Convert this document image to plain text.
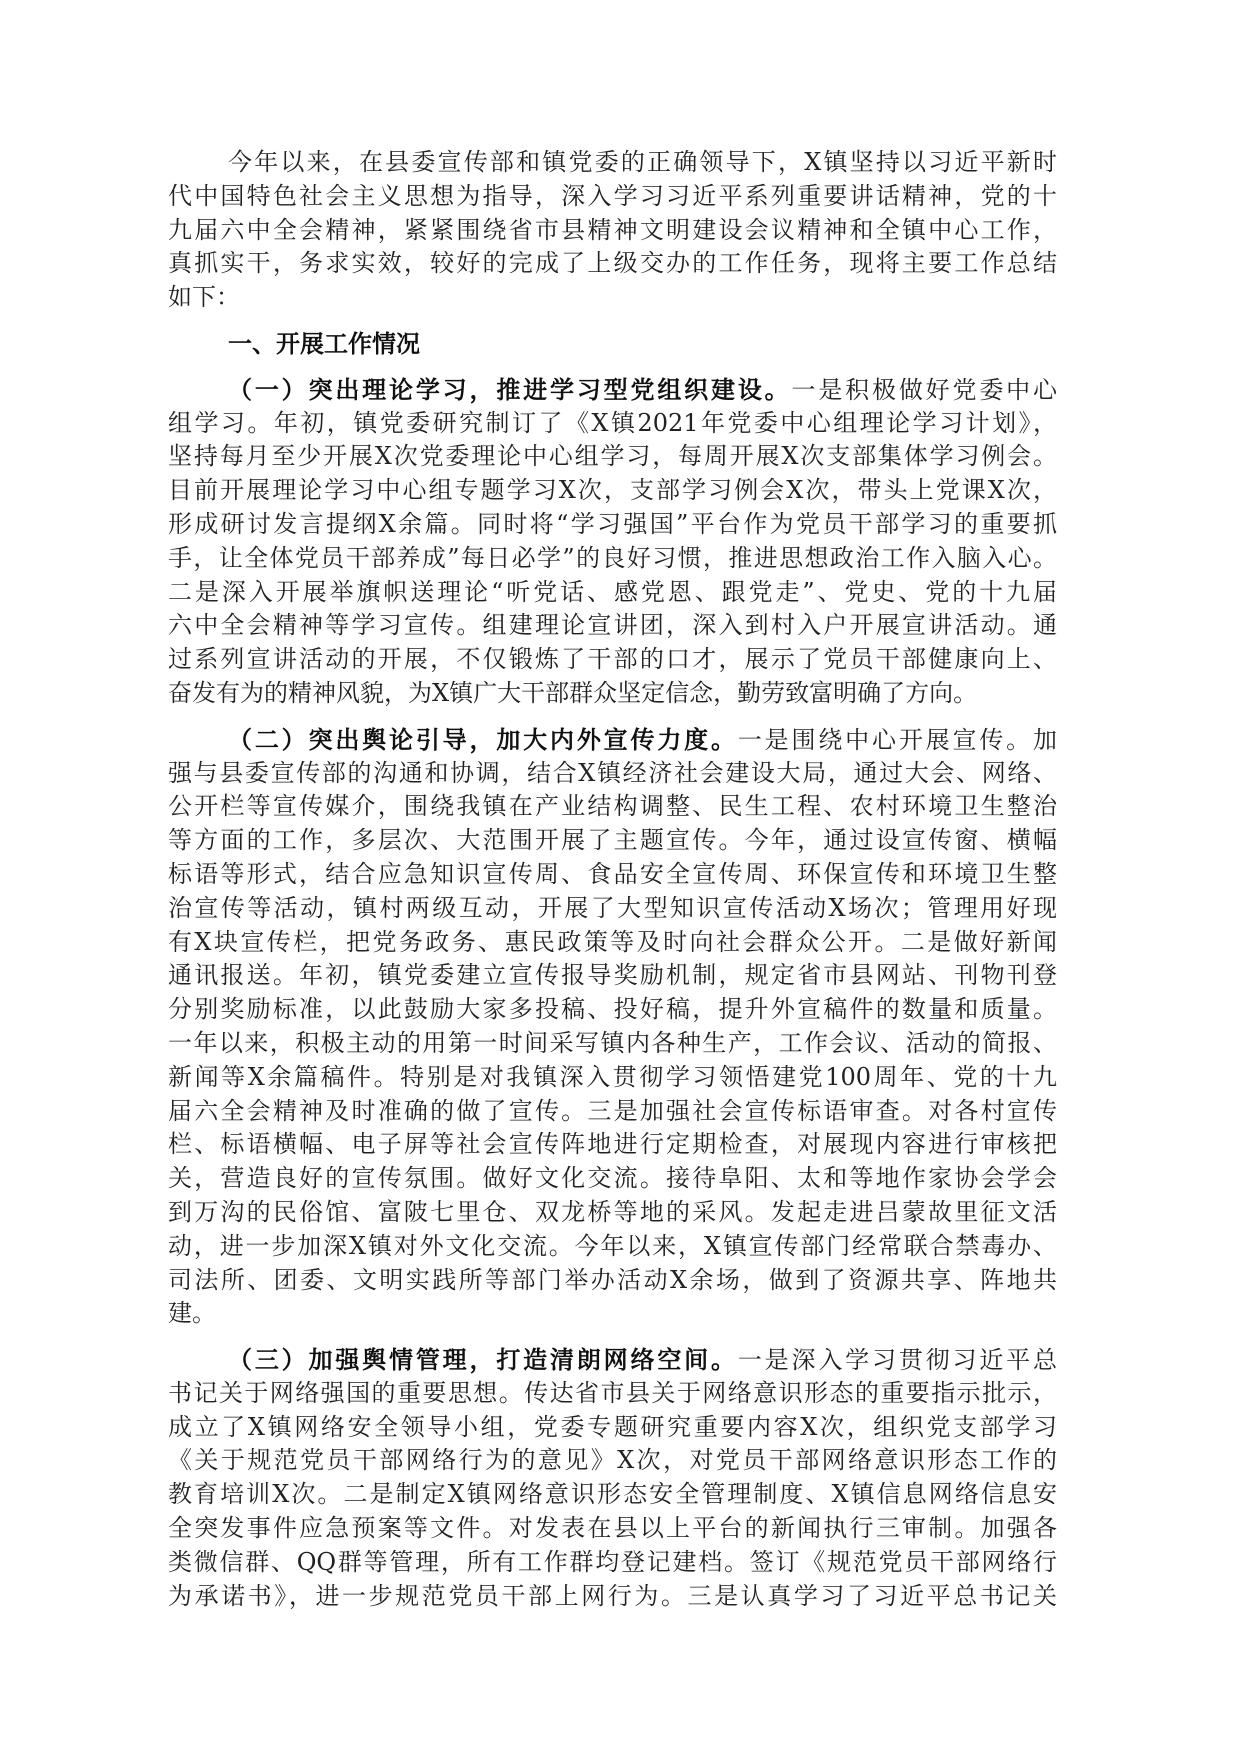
今年以来，在县委宣传部和镇党委的正确领导下，X镇坚持以习近平新时
代中国特色社会主义思想为指导，深入学习习近平系列重要讲话精神，党的十
九届六中全会精神，紧紧围绕省市县精神文明建设会议精神和全镇中心工作，
真抓实干，务求实效，较好的完成了上级交办的工作任务，现将主要工作总结
如下：
一、开展工作情况
（一）突出理论学习，推进学习型党组织建设。一是积极做好党委中心
组学习。年初，镇党委研究制订了《X镇2021年党委中心组理论学习计划》，
坚持每月至少开展X次党委理论中心组学习，每周开展X次支部集体学习例会。
目前开展理论学习中心组专题学习X次，支部学习例会X次，带头上党课X次，
形成研讨发言提纲X余篇。同时将“学习强国”平台作为党员干部学习的重要抓
手，让全体党员干部养成”每日必学”的良好习惯，推进思想政治工作入脑入心。
二是深入开展举旗帜送理论“听党话、感党恩、跟党走”、党史、党的十九届
六中全会精神等学习宣传。组建理论宣讲团，深入到村入户开展宣讲活动。通
过系列宣讲活动的开展，不仅锻炼了干部的口才，展示了党员干部健康向上、
奋发有为的精神风貌，为X镇广大干部群众坚定信念，勤劳致富明确了方向。
（二）突出舆论引导，加大内外宣传力度。一是围绕中心开展宣传。加
强与县委宣传部的沟通和协调，结合X镇经济社会建设大局，通过大会、网络、
公开栏等宣传媒介，围绕我镇在产业结构调整、民生工程、农村环境卫生整治
等方面的工作，多层次、大范围开展了主题宣传。今年，通过设宣传窗、横幅
标语等形式，结合应急知识宣传周、食品安全宣传周、环保宣传和环境卫生整
治宣传等活动，镇村两级互动，开展了大型知识宣传活动X场次；管理用好现
有X块宣传栏，把党务政务、惠民政策等及时向社会群众公开。二是做好新闻
通讯报送。年初，镇党委建立宣传报导奖励机制，规定省市县网站、刊物刊登
分别奖励标准，以此鼓励大家多投稿、投好稿，提升外宣稿件的数量和质量。
一年以来，积极主动的用第一时间采写镇内各种生产，工作会议、活动的简报、
新闻等X余篇稿件。特别是对我镇深入贯彻学习领悟建党100周年、党的十九
届六全会精神及时准确的做了宣传。三是加强社会宣传标语审查。对各村宣传
栏、标语横幅、电子屏等社会宣传阵地进行定期检查，对展现内容进行审核把
关，营造良好的宣传氛围。做好文化交流。接待阜阳、太和等地作家协会学会
到万沟的民俗馆、富陂七里仓、双龙桥等地的采风。发起走进吕蒙故里征文活
动，进一步加深X镇对外文化交流。今年以来，X镇宣传部门经常联合禁毒办、
司法所、团委、文明实践所等部门举办活动X余场，做到了资源共享、阵地共
建。
（三）加强舆情管理，打造清朗网络空间。一是深入学习贯彻习近平总
书记关于网络强国的重要思想。传达省市县关于网络意识形态的重要指示批示，
成立了X镇网络安全领导小组，党委专题研究重要内容X次，组织党支部学习
《关于规范党员干部网络行为的意见》X次，对党员干部网络意识形态工作的
教育培训X次。二是制定X镇网络意识形态安全管理制度、X镇信息网络信息安
全突发事件应急预案等文件。对发表在县以上平台的新闻执行三审制。加强各
类微信群、QQ群等管理，所有工作群均登记建档。签订《规范党员干部网络行
为承诺书》，进一步规范党员干部上网行为。三是认真学习了习近平总书记关
